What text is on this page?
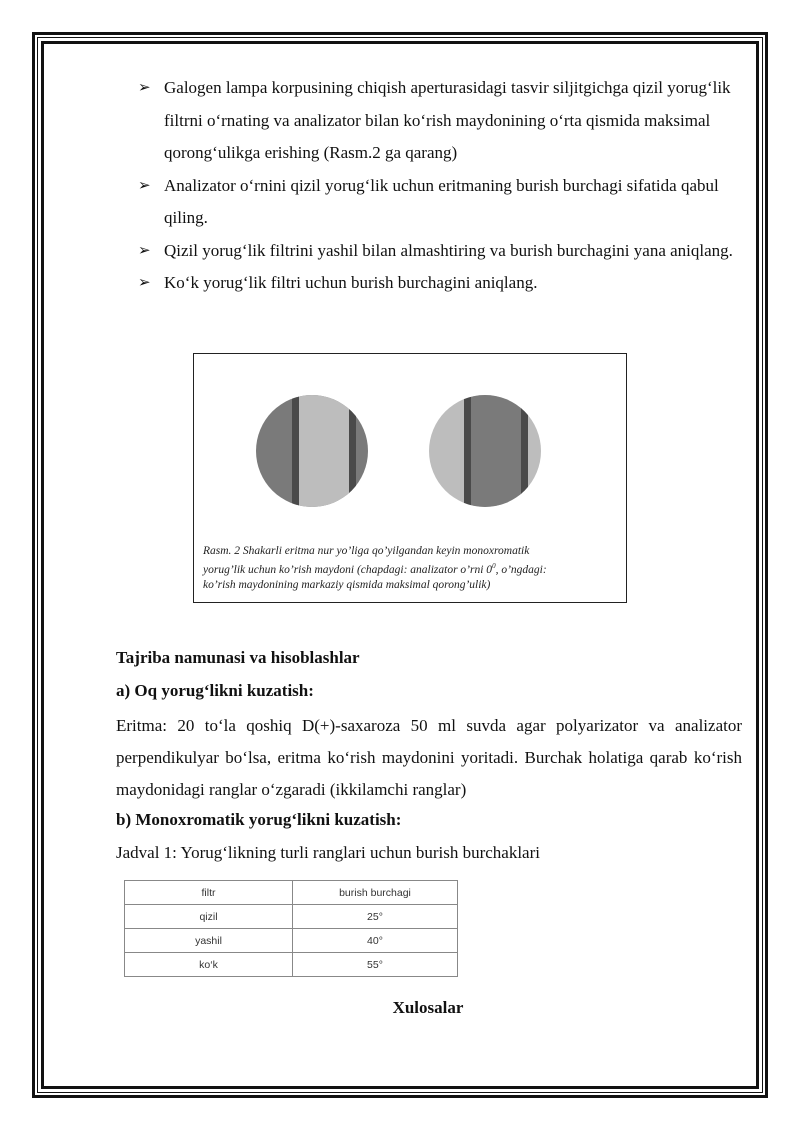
➢ Galogen lampa korpusining chiqish aperturasidagi tasvir siljitgichga qizil yorug‘lik filtrni o‘rnating va analizator bilan ko‘rish maydonining o‘rta qismida maksimal qorong‘ulikga erishing (Rasm.2 ga qarang)
➢ Analizator o‘rnini qizil yorug‘lik uchun eritmaning burish burchagi sifatida qabul qiling.
➢ Qizil yorug‘lik filtrini yashil bilan almashtiring va burish burchagini yana aniqlang.
➢ Ko‘k yorug‘lik filtri uchun burish burchagini aniqlang.
Rasm. 2 Shakarli eritma nur yo’liga qo’yilgandan keyin monoxromatik
yorug’lik uchun ko’rish maydoni (chapdagi: analizator o’rni $0^0$, o’ngdagi:
ko’rish maydonining markaziy qismida maksimal qorong’ulik)
Tajriba namunasi va hisoblashlar
a) Oq yorug‘likni kuzatish:

Eritma: 20 to‘la qoshiq D(+)-saxaroza 50 ml suvda agar polyarizator va analizator perpendikulyar bo‘lsa, eritma ko‘rish maydonini yoritadi. Burchak holatiga qarab ko‘rish maydonidagi ranglar o‘zgaradi (ikkilamchi ranglar)

b) Monoxromatik yorug‘likni kuzatish:
Jadval 1: Yorug‘likning turli ranglari uchun burish burchaklari
filtr	burish burchagi
qizil	25°
yashil	40°
ko‘k	55°
Xulosalar
